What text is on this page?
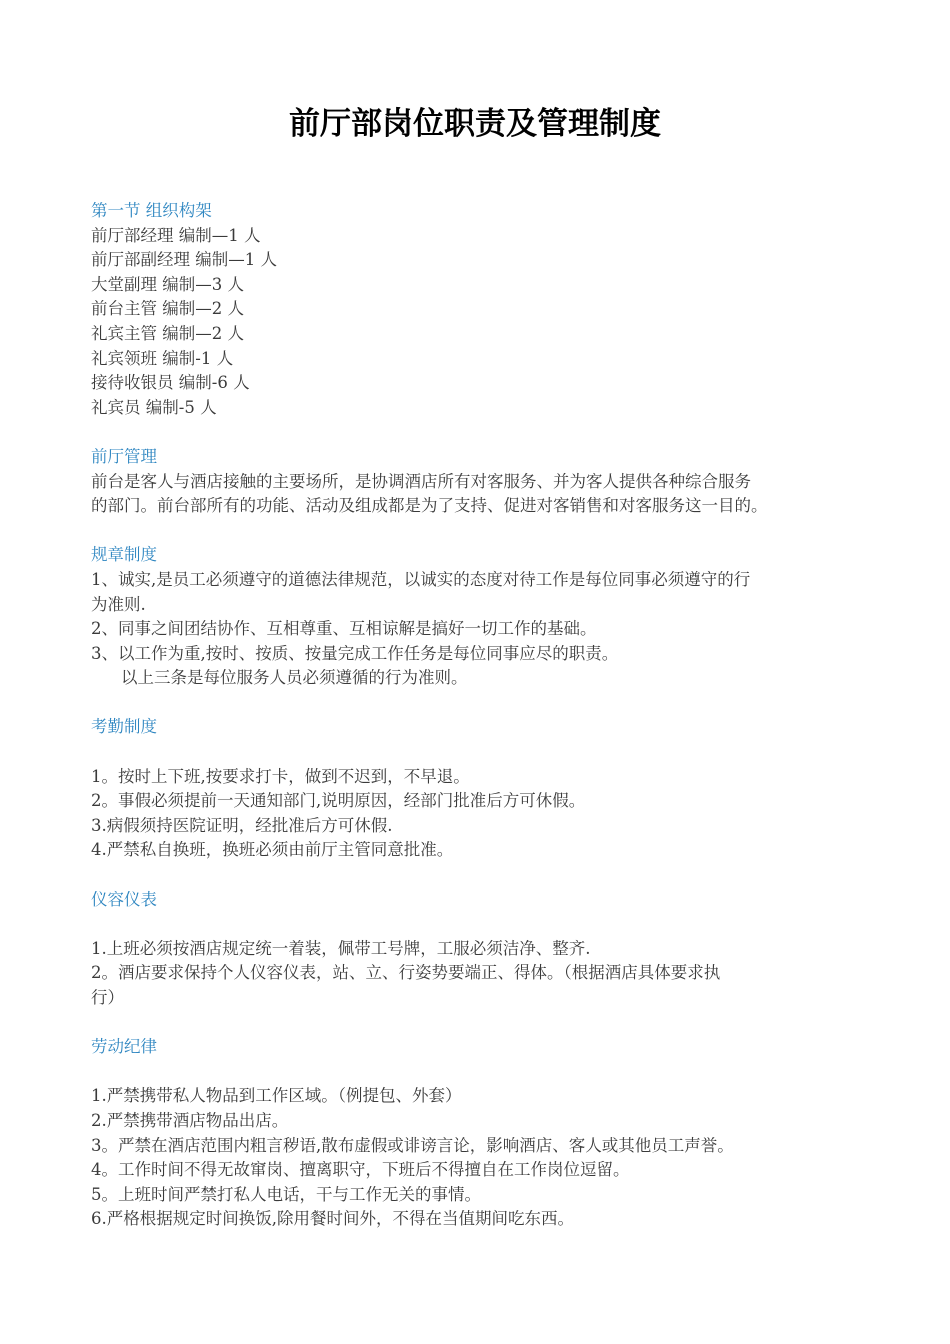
前厅部岗位职责及管理制度
第一节 组织构架
前厅部经理 编制—1 人
前厅部副经理 编制—1 人
大堂副理 编制—3 人
前台主管 编制—2 人
礼宾主管 编制—2 人
礼宾领班 编制-1 人
接待收银员 编制-6 人
礼宾员 编制-5 人
前厅管理
前台是客人与酒店接触的主要场所，是协调酒店所有对客服务、并为客人提供各种综合服务
的部门。前台部所有的功能、活动及组成都是为了支持、促进对客销售和对客服务这一目的。
规章制度
1、诚实,是员工必须遵守的道德法律规范，以诚实的态度对待工作是每位同事必须遵守的行
为准则.
2、同事之间团结协作、互相尊重、互相谅解是搞好一切工作的基础。
3、以工作为重,按时、按质、按量完成工作任务是每位同事应尽的职责。
以上三条是每位服务人员必须遵循的行为准则。
考勤制度
1。按时上下班,按要求打卡，做到不迟到，不早退。
2。事假必须提前一天通知部门,说明原因，经部门批准后方可休假。
3.病假须持医院证明，经批准后方可休假.
4.严禁私自换班，换班必须由前厅主管同意批准。
仪容仪表
1.上班必须按酒店规定统一着装，佩带工号牌，工服必须洁净、整齐.
2。酒店要求保持个人仪容仪表，站、立、行姿势要端正、得体。（根据酒店具体要求执
行）
劳动纪律
1.严禁携带私人物品到工作区域。（例提包、外套）
2.严禁携带酒店物品出店。
3。严禁在酒店范围内粗言秽语,散布虚假或诽谤言论，影响酒店、客人或其他员工声誉。
4。工作时间不得无故窜岗、擅离职守，下班后不得擅自在工作岗位逗留。
5。上班时间严禁打私人电话，干与工作无关的事情。
6.严格根据规定时间换饭,除用餐时间外，不得在当值期间吃东西。
